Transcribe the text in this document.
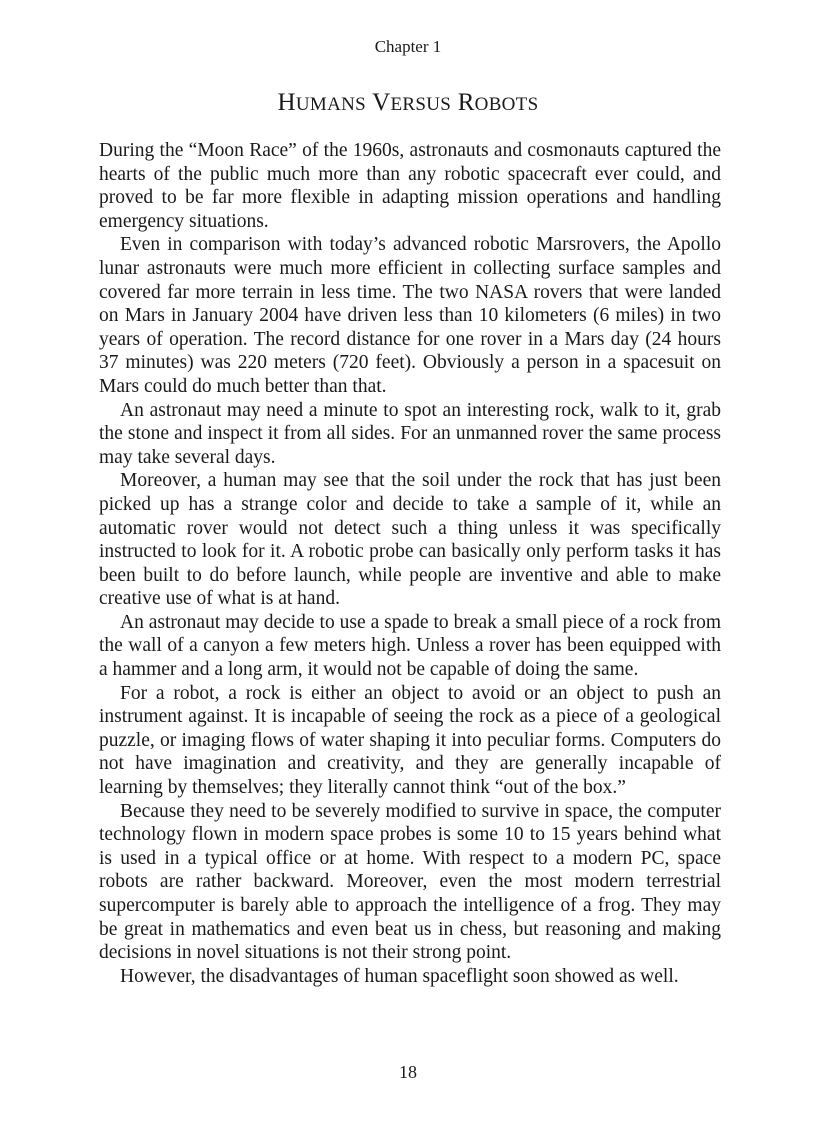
Chapter 1

HUMANS VERSUS ROBOTS

During the “Moon Race” of the 1960s, astronauts and cosmonauts captured the hearts of the public much more than any robotic spacecraft ever could, and proved to be far more flexible in adapting mission operations and handling emergency situations.

Even in comparison with today’s advanced robotic Marsrovers, the Apollo lunar astronauts were much more efficient in collecting surface samples and covered far more terrain in less time. The two NASA rovers that were landed on Mars in January 2004 have driven less than 10 kilometers (6 miles) in two years of operation. The record distance for one rover in a Mars day (24 hours 37 minutes) was 220 meters (720 feet). Obviously a person in a spacesuit on Mars could do much better than that.

An astronaut may need a minute to spot an interesting rock, walk to it, grab the stone and inspect it from all sides. For an unmanned rover the same process may take several days.

Moreover, a human may see that the soil under the rock that has just been picked up has a strange color and decide to take a sample of it, while an automatic rover would not detect such a thing unless it was specifically instructed to look for it. A robotic probe can basically only perform tasks it has been built to do before launch, while people are inventive and able to make creative use of what is at hand.

An astronaut may decide to use a spade to break a small piece of a rock from the wall of a canyon a few meters high. Unless a rover has been equipped with a hammer and a long arm, it would not be capable of doing the same.

For a robot, a rock is either an object to avoid or an object to push an instrument against. It is incapable of seeing the rock as a piece of a geological puzzle, or imaging flows of water shaping it into peculiar forms. Computers do not have imagination and creativity, and they are generally incapable of learning by themselves; they literally cannot think “out of the box.”

Because they need to be severely modified to survive in space, the computer technology flown in modern space probes is some 10 to 15 years behind what is used in a typical office or at home. With respect to a modern PC, space robots are rather backward. Moreover, even the most modern terrestrial supercomputer is barely able to approach the intelligence of a frog. They may be great in mathematics and even beat us in chess, but reasoning and making decisions in novel situations is not their strong point.

However, the disadvantages of human spaceflight soon showed as well.

18
